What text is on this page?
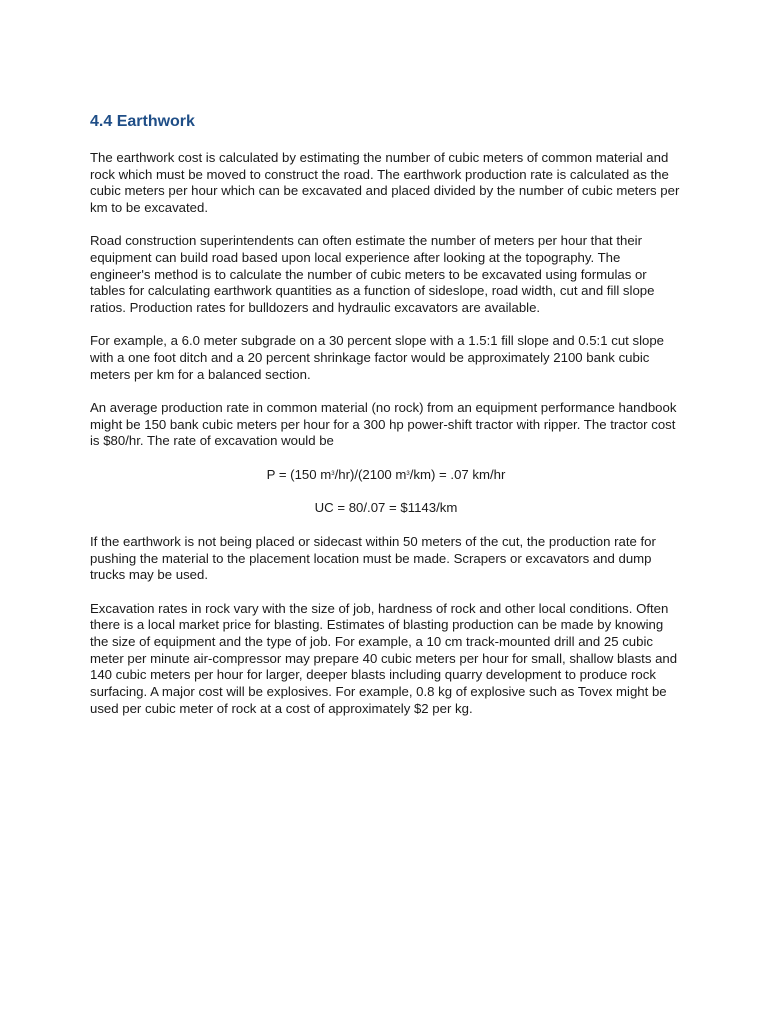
4.4 Earthwork

The earthwork cost is calculated by estimating the number of cubic meters of common material and rock which must be moved to construct the road. The earthwork production rate is calculated as the cubic meters per hour which can be excavated and placed divided by the number of cubic meters per km to be excavated.

Road construction superintendents can often estimate the number of meters per hour that their equipment can build road based upon local experience after looking at the topography. The engineer's method is to calculate the number of cubic meters to be excavated using formulas or tables for calculating earthwork quantities as a function of sideslope, road width, cut and fill slope ratios. Production rates for bulldozers and hydraulic excavators are available.

For example, a 6.0 meter subgrade on a 30 percent slope with a 1.5:1 fill slope and 0.5:1 cut slope with a one foot ditch and a 20 percent shrinkage factor would be approximately 2100 bank cubic meters per km for a balanced section.

An average production rate in common material (no rock) from an equipment performance handbook might be 150 bank cubic meters per hour for a 300 hp power-shift tractor with ripper. The tractor cost is $80/hr. The rate of excavation would be

P = (150 $m^3/hr)/(2100$ $m^3/km) = .07$ km/hr

UC = 80/.07 = $1143/km

If the earthwork is not being placed or sidecast within 50 meters of the cut, the production rate for pushing the material to the placement location must be made. Scrapers or excavators and dump trucks may be used.

Excavation rates in rock vary with the size of job, hardness of rock and other local conditions. Often there is a local market price for blasting. Estimates of blasting production can be made by knowing the size of equipment and the type of job. For example, a 10 cm track-mounted drill and 25 cubic meter per minute air-compressor may prepare 40 cubic meters per hour for small, shallow blasts and 140 cubic meters per hour for larger, deeper blasts including quarry development to produce rock surfacing. A major cost will be explosives. For example, 0.8 kg of explosive such as Tovex might be used per cubic meter of rock at a cost of approximately $2 per kg.
